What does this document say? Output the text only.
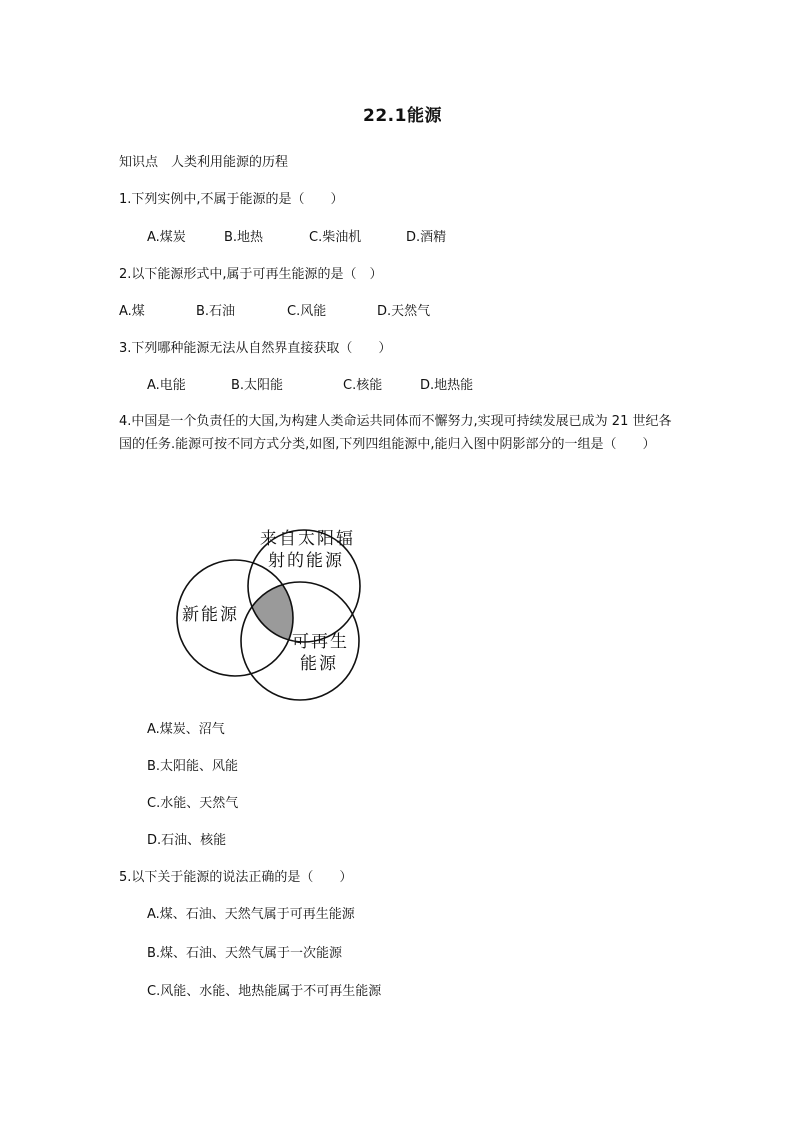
22.1能源
知识点　人类利用能源的历程
1.下列实例中,不属于能源的是（　　）
A.煤炭	B.地热	C.柴油机	D.酒精
2.以下能源形式中,属于可再生能源的是（　）
A.煤	B.石油	C.风能	D.天然气
3.下列哪种能源无法从自然界直接获取（　　）
A.电能	B.太阳能	C.核能	D.地热能
4.中国是一个负责任的大国,为构建人类命运共同体而不懈努力,实现可持续发展已成为 21 世纪各国的任务.能源可按不同方式分类,如图,下列四组能源中,能归入图中阴影部分的一组是（　　）
来自太阳辐
射的能源
新能源
可再生
能源
A.煤炭、沼气
B.太阳能、风能
C.水能、天然气
D.石油、核能
5.以下关于能源的说法正确的是（　　）
A.煤、石油、天然气属于可再生能源
B.煤、石油、天然气属于一次能源
C.风能、水能、地热能属于不可再生能源
